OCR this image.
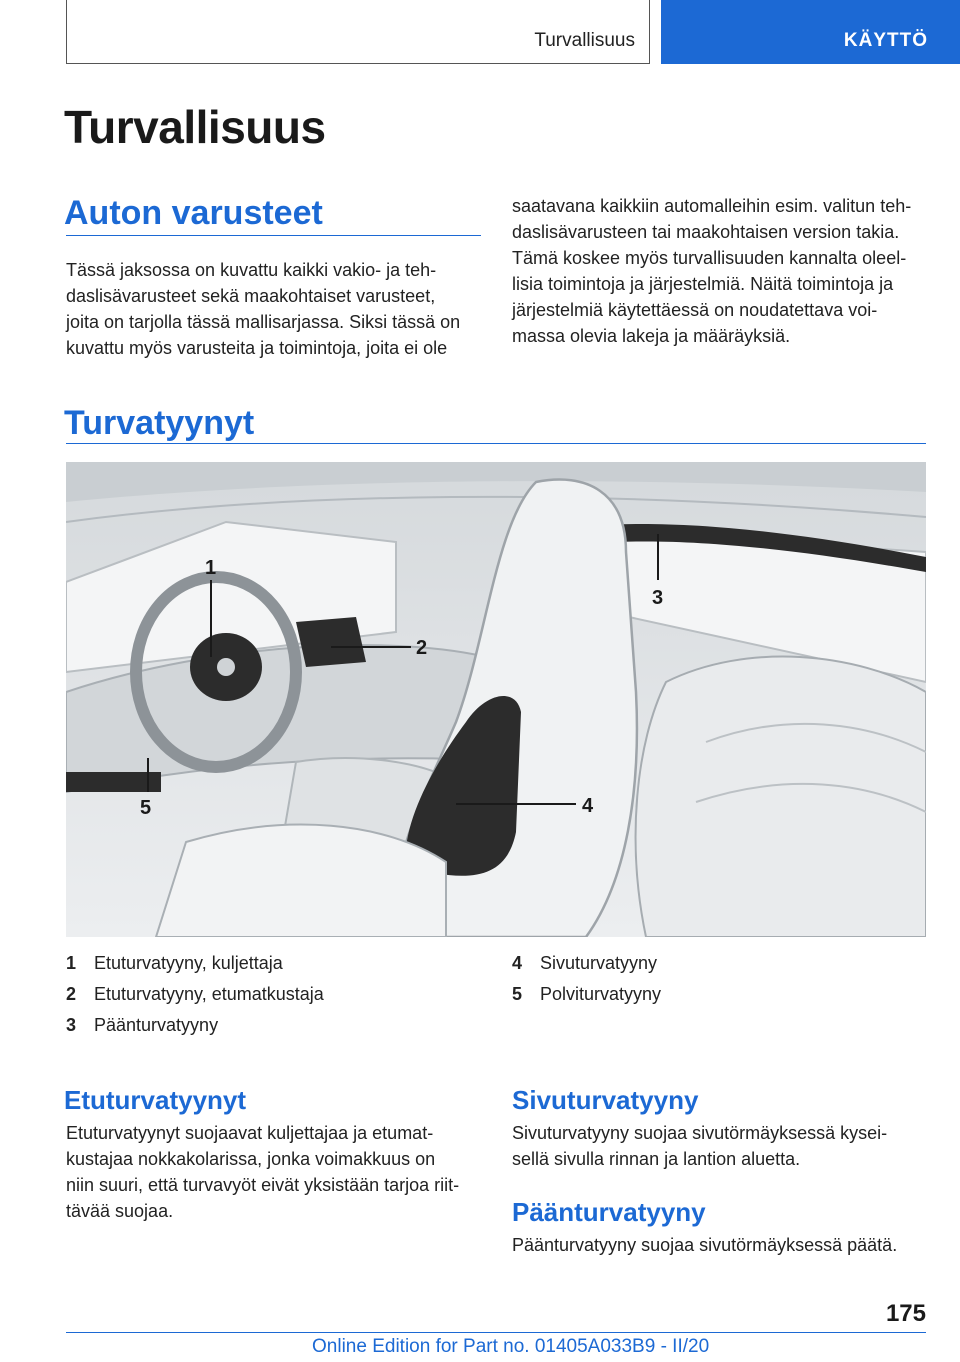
Turvallisuus	KÄYTTÖ
Turvallisuus
Auton varusteet
Tässä jaksossa on kuvattu kaikki vakio- ja teh‐
daslisävarusteet sekä maakohtaiset varusteet,
joita on tarjolla tässä mallisarjassa. Siksi tässä on
kuvattu myös varusteita ja toimintoja, joita ei ole
saatavana kaikkiin automalleihin esim. valitun teh‐
daslisävarusteen tai maakohtaisen version takia.
Tämä koskee myös turvallisuuden kannalta oleel‐
lisia toimintoja ja järjestelmiä. Näitä toimintoja ja
järjestelmiä käytettäessä on noudatettava voi‐
massa olevia lakeja ja määräyksiä.
Turvatyynyt
1
2
3
4
5
1 Etuturvatyyny, kuljettaja
2 Etuturvatyyny, etumatkustaja
3 Päänturvatyyny
4 Sivuturvatyyny
5 Polviturvatyyny
Etuturvatyynyt
Etuturvatyynyt suojaavat kuljettajaa ja etumat‐
kustajaa nokkakolarissa, jonka voimakkuus on
niin suuri, että turvavyöt eivät yksistään tarjoa riit‐
tävää suojaa.
Sivuturvatyyny
Sivuturvatyyny suojaa sivutörmäyksessä kysei‐
sellä sivulla rinnan ja lantion aluetta.
Päänturvatyyny
Päänturvatyyny suojaa sivutörmäyksessä päätä.
175
Online Edition for Part no. 01405A033B9 - II/20
